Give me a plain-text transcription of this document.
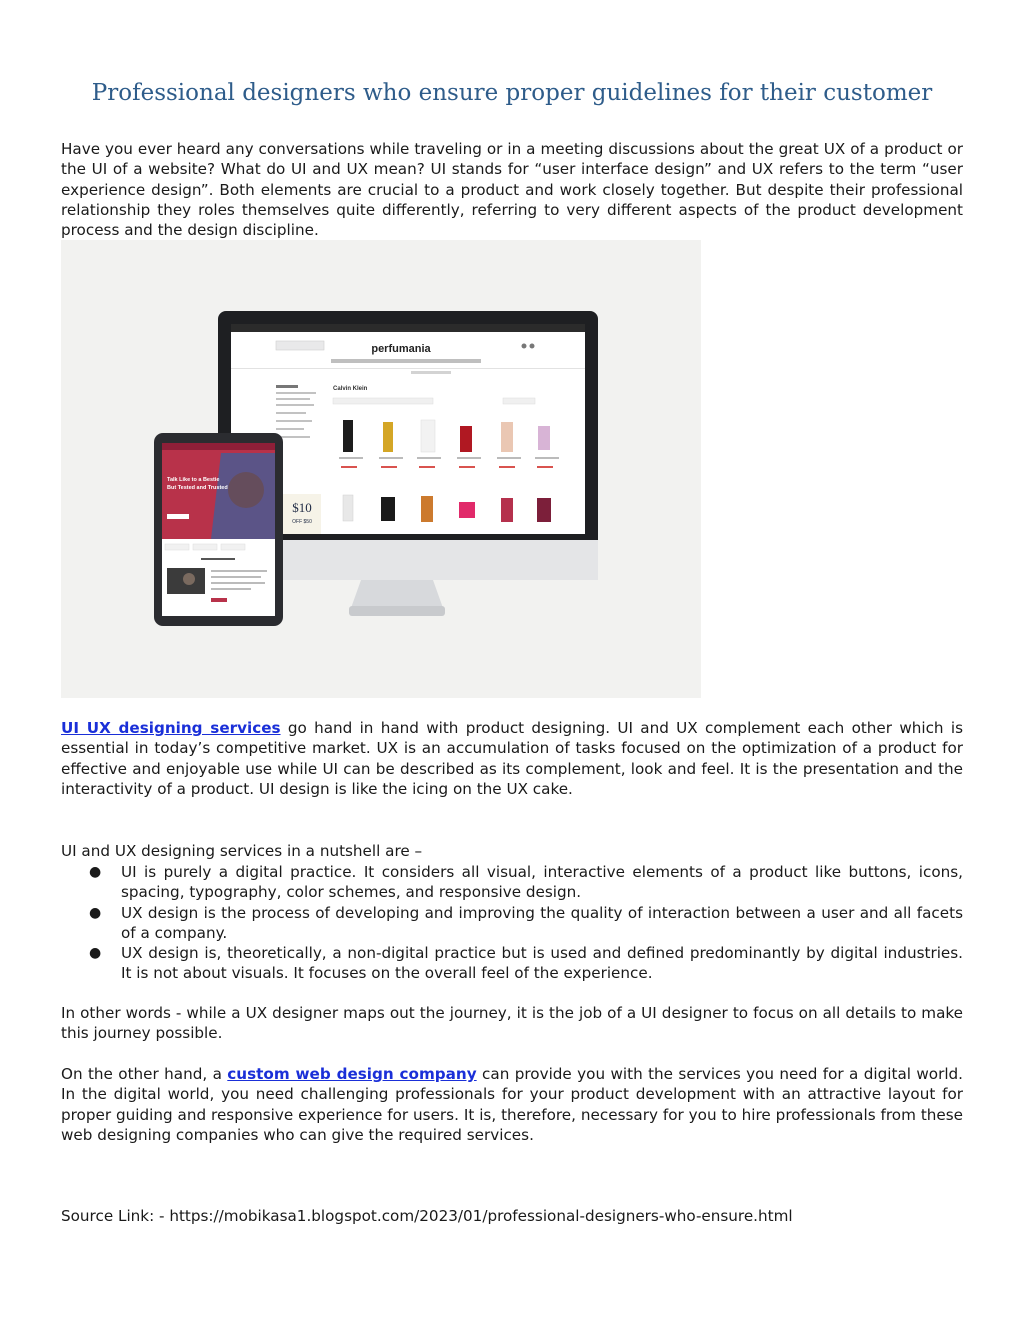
Professional designers who ensure proper guidelines for their customer

Have you ever heard any conversations while traveling or in a meeting discussions about the great UX of a product or the UI of a website? What do UI and UX mean? UI stands for “user interface design” and UX refers to the term “user experience design”. Both elements are crucial to a product and work closely together. But despite their professional relationship they roles themselves quite differently, referring to very different aspects of the product development process and the design discipline.

perfumania
Calvin Klein
$10
OFF $50
Talk Like to a Bestie
But Tested and Trusted

UI UX designing services go hand in hand with product designing. UI and UX complement each other which is essential in today’s competitive market. UX is an accumulation of tasks focused on the optimization of a product for effective and enjoyable use while UI can be described as its complement, look and feel. It is the presentation and the interactivity of a product. UI design is like the icing on the UX cake.

UI and UX designing services in a nutshell are –

● UI is purely a digital practice. It considers all visual, interactive elements of a product like buttons, icons, spacing, typography, color schemes, and responsive design.
● UX design is the process of developing and improving the quality of interaction between a user and all facets of a company.
● UX design is, theoretically, a non-digital practice but is used and defined predominantly by digital industries. It is not about visuals. It focuses on the overall feel of the experience.

In other words - while a UX designer maps out the journey, it is the job of a UI designer to focus on all details to make this journey possible.

On the other hand, a custom web design company can provide you with the services you need for a digital world. In the digital world, you need challenging professionals for your product development with an attractive layout for proper guiding and responsive experience for users. It is, therefore, necessary for you to hire professionals from these web designing companies who can give the required services.

Source Link: - https://mobikasa1.blogspot.com/2023/01/professional-designers-who-ensure.html
